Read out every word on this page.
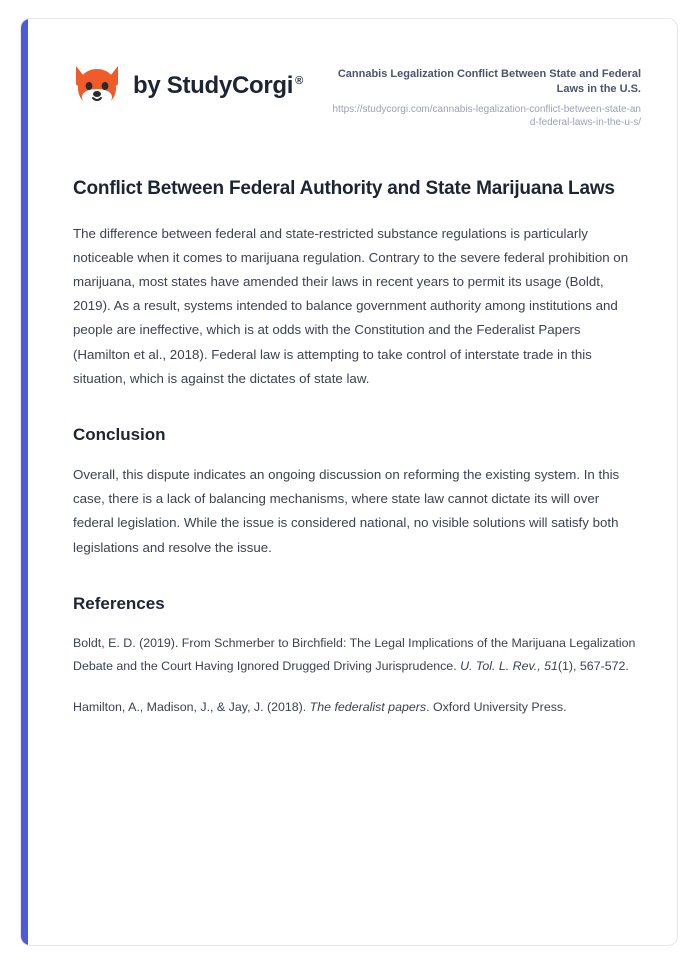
by StudyCorgi ®
Cannabis Legalization Conflict Between State and Federal Laws in the U.S.
https://studycorgi.com/cannabis-legalization-conflict-between-state-and-federal-laws-in-the-u-s/
Conflict Between Federal Authority and State Marijuana Laws

The difference between federal and state-restricted substance regulations is particularly noticeable when it comes to marijuana regulation. Contrary to the severe federal prohibition on marijuana, most states have amended their laws in recent years to permit its usage (Boldt, 2019). As a result, systems intended to balance government authority among institutions and people are ineffective, which is at odds with the Constitution and the Federalist Papers (Hamilton et al., 2018). Federal law is attempting to take control of interstate trade in this situation, which is against the dictates of state law.

Conclusion

Overall, this dispute indicates an ongoing discussion on reforming the existing system. In this case, there is a lack of balancing mechanisms, where state law cannot dictate its will over federal legislation. While the issue is considered national, no visible solutions will satisfy both legislations and resolve the issue.

References

Boldt, E. D. (2019). From Schmerber to Birchfield: The Legal Implications of the Marijuana Legalization Debate and the Court Having Ignored Drugged Driving Jurisprudence. U. Tol. L. Rev., 51(1), 567-572.

Hamilton, A., Madison, J., & Jay, J. (2018). The federalist papers. Oxford University Press.
